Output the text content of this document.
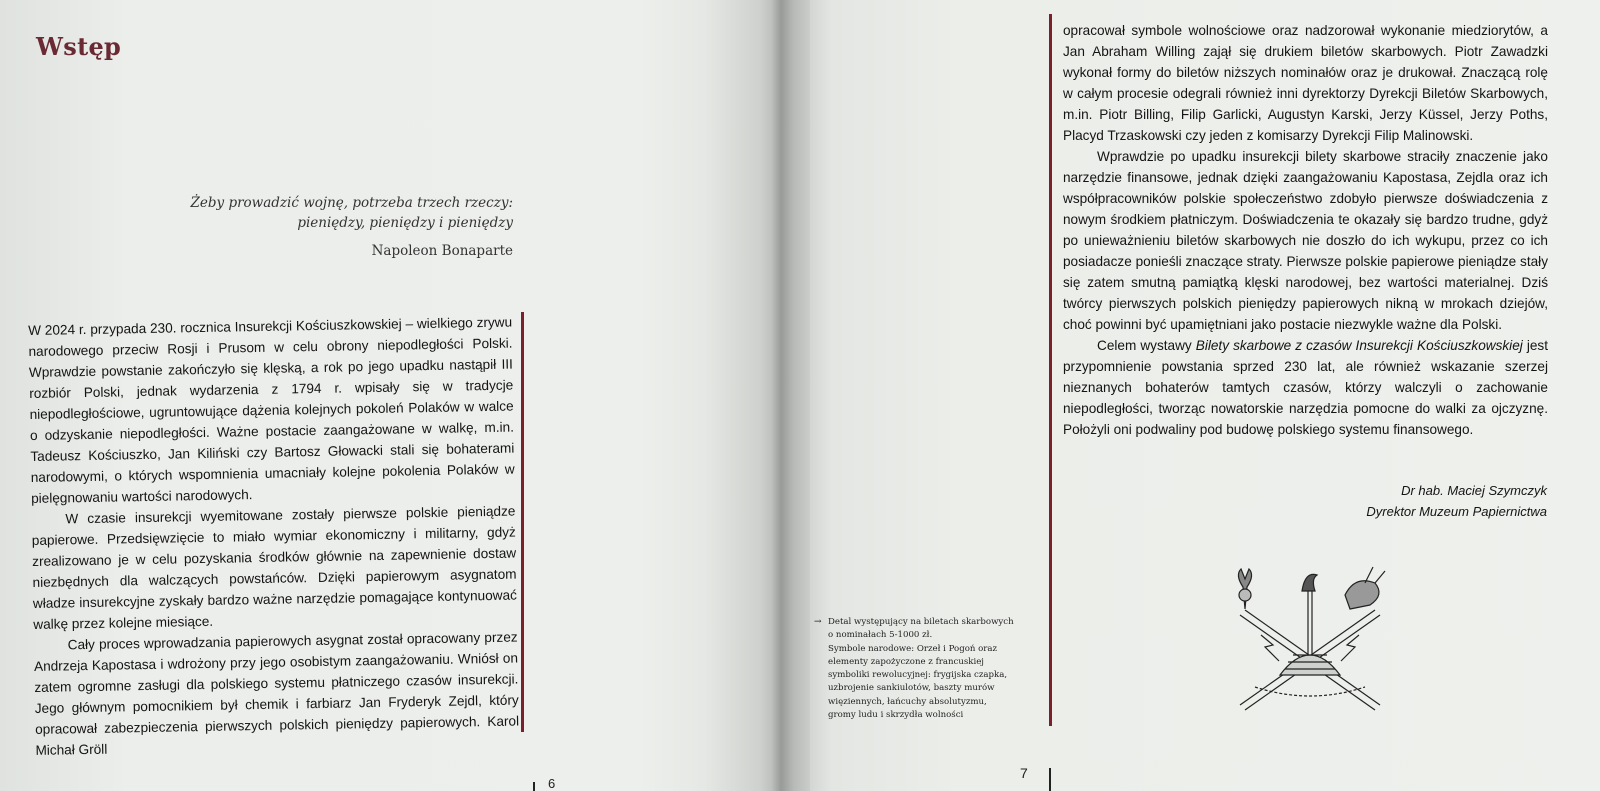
Wstęp
Żeby prowadzić wojnę, potrzeba trzech rzeczy:
pieniędzy, pieniędzy i pieniędzy
Napoleon Bonaparte

W 2024 r. przypada 230. rocznica Insurekcji Kościuszkowskiej – wielkiego zrywu narodowego przeciw Rosji i Prusom w celu obrony niepodległości Polski. Wprawdzie powstanie zakończyło się klęską, a rok po jego upadku nastąpił III rozbiór Polski, jednak wydarzenia z 1794 r. wpisały się w tradycje niepodległościowe, ugruntowujące dążenia kolejnych pokoleń Polaków w walce o odzyskanie niepodległości. Ważne postacie zaangażowane w walkę, m.in. Tadeusz Kościuszko, Jan Kiliński czy Bartosz Głowacki stali się bohaterami narodowymi, o których wspomnienia umacniały kolejne pokolenia Polaków w pielęgnowaniu wartości narodowych.

W czasie insurekcji wyemitowane zostały pierwsze polskie pieniądze papierowe. Przedsięwzięcie to miało wymiar ekonomiczny i militarny, gdyż zrealizowano je w celu pozyskania środków głównie na zapewnienie dostaw niezbędnych dla walczących powstańców. Dzięki papierowym asygnatom władze insurekcyjne zyskały bardzo ważne narzędzie pomagające kontynuować walkę przez kolejne miesiące.

Cały proces wprowadzania papierowych asygnat został opracowany przez Andrzeja Kapostasa i wdrożony przy jego osobistym zaangażowaniu. Wniósł on zatem ogromne zasługi dla polskiego systemu płatniczego czasów insurekcji. Jego głównym pomocnikiem był chemik i farbiarz Jan Fryderyk Zejdl, który opracował zabezpieczenia pierwszych polskich pieniędzy papierowych. Karol Michał Gröll

6
7

opracował symbole wolnościowe oraz nadzorował wykonanie miedziorytów, a Jan Abraham Willing zajął się drukiem biletów skarbowych. Piotr Zawadzki wykonał formy do biletów niższych nominałów oraz je drukował. Znaczącą rolę w całym procesie odegrali również inni dyrektorzy Dyrekcji Biletów Skarbowych, m.in. Piotr Billing, Filip Garlicki, Augustyn Karski, Jerzy Küssel, Jerzy Poths, Placyd Trzaskowski czy jeden z komisarzy Dyrekcji Filip Malinowski.

Wprawdzie po upadku insurekcji bilety skarbowe straciły znaczenie jako narzędzie finansowe, jednak dzięki zaangażowaniu Kapostasa, Zejdla oraz ich współpracowników polskie społeczeństwo zdobyło pierwsze doświadczenia z nowym środkiem płatniczym. Doświadczenia te okazały się bardzo trudne, gdyż po unieważnieniu biletów skarbowych nie doszło do ich wykupu, przez co ich posiadacze ponieśli znaczące straty. Pierwsze polskie papierowe pieniądze stały się zatem smutną pamiątką klęski narodowej, bez wartości materialnej. Dziś twórcy pierwszych polskich pieniędzy papierowych nikną w mrokach dziejów, choć powinni być upamiętniani jako postacie niezwykle ważne dla Polski.

Celem wystawy Bilety skarbowe z czasów Insurekcji Kościuszkowskiej jest przypomnienie powstania sprzed 230 lat, ale również wskazanie szerzej nieznanych bohaterów tamtych czasów, którzy walczyli o zachowanie niepodległości, tworząc nowatorskie narzędzia pomocne do walki za ojczyznę. Położyli oni podwaliny pod budowę polskiego systemu finansowego.

Dr hab. Maciej Szymczyk
Dyrektor Muzeum Papiernictwa
→ Detal występujący na biletach skarbowych
o nominałach 5-1000 zł.
Symbole narodowe: Orzeł i Pogoń oraz
elementy zapożyczone z francuskiej
symboliki rewolucyjnej: frygijska czapka,
uzbrojenie sankiulotów, baszty murów
więziennych, łańcuchy absolutyzmu,
gromy ludu i skrzydła wolności
